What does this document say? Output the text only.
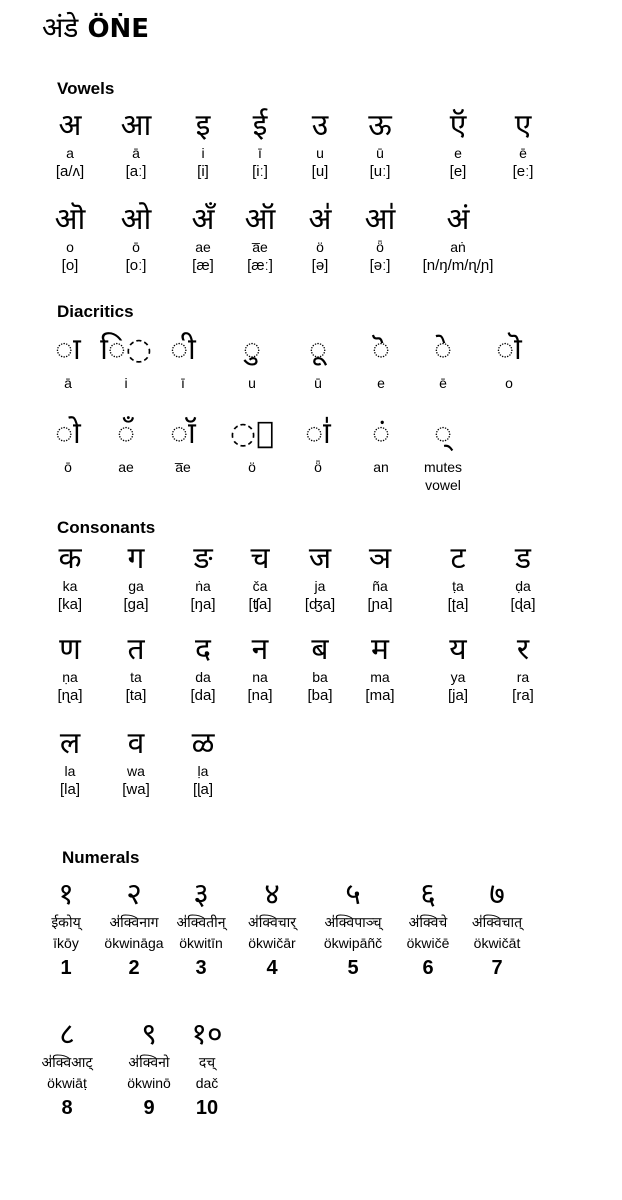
अंडे ÖṄE
Vowels
Diacritics
Consonants
Numerals
अ
a
[a/ʌ]
आ
ā
[aː]
इ
i
[i]
ई
ī
[iː]
उ
u
[u]
ऊ
ū
[uː]
ऍ
e
[e]
ए
ē
[eː]
ऒ
o
[o]
ओ
ō
[oː]
अँ
ae
[æ]
ऑ
a̅e
[æː]
अ॑
ö
[ə]
आ॑
ȫ
[əː]
अं
aṅ
[n/ŋ/m/ɳ/ɲ]
◌ा
ā
ि◌
i
◌ी
ī
◌ु
u
◌ू
ū
◌ॆ
e
◌े
ē
◌ॊ
o
◌ो
ō
◌ँ
ae
◌ॉ
a̅e
◌॑
ö
◌ा॑
ȫ
◌ं
an
◌्
mutes vowel
क
ka
[ka]
ग
ga
[ga]
ङ
ṅa
[ŋa]
च
ča
[ʧa]
ज
ja
[ʤa]
ञ
ña
[ɲa]
ट
ṭa
[ʈa]
ड
ḍa
[ɖa]
ण
ṇa
[ɳa]
त
ta
[ta]
द
da
[da]
न
na
[na]
ब
ba
[ba]
म
ma
[ma]
य
ya
[ja]
र
ra
[ra]
ल
la
[la]
व
wa
[wa]
ळ
ḷa
[ɭa]
१
ईकोय्
īkōy
1
२
अ॑क्विनाग
ökwināga
2
३
अ॑क्वितीन्
ökwitīn
3
४
अ॑क्विचार्
ökwičār
4
५
अ॑क्विपाञ्च्
ökwipāñč
5
६
अ॑क्विचे
ökwičē
6
७
अ॑क्विचात्
ökwičāt
7
८
अ॑क्विआट्
ökwiāṭ
8
९
अ॑क्विनो
ökwinō
9
१०
दच्
dač
10
